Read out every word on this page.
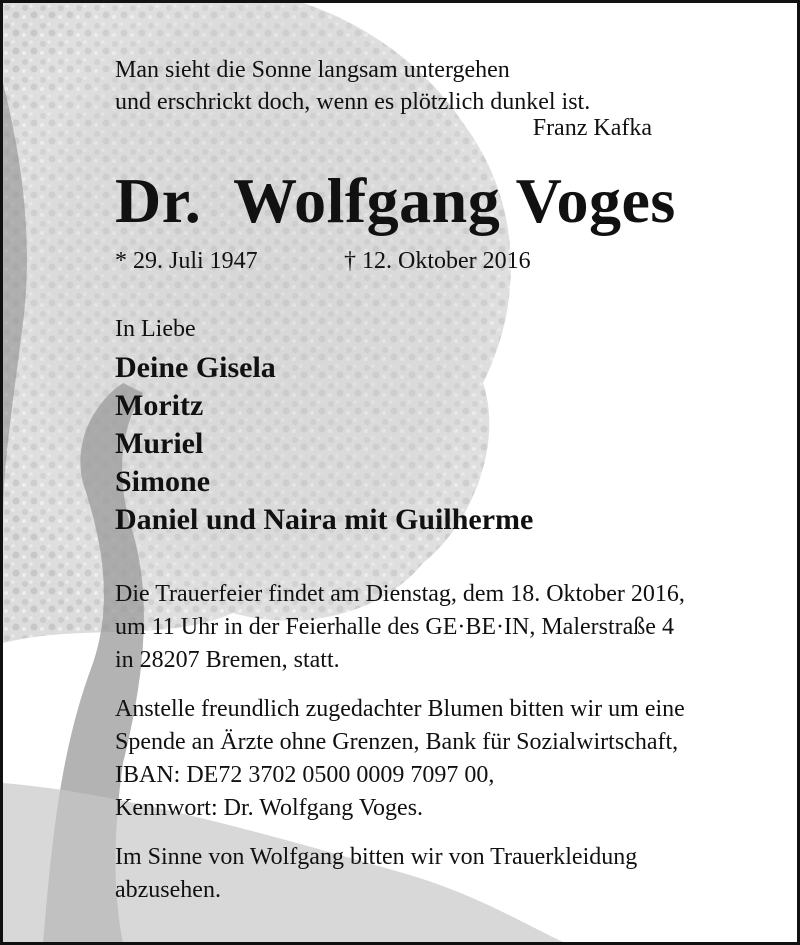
Man sieht die Sonne langsam untergehen
und erschrickt doch, wenn es plötzlich dunkel ist.
Franz Kafka
Dr.  Wolfgang Voges
* 29. Juli 1947	† 12. Oktober 2016
In Liebe
Deine Gisela
Moritz
Muriel
Simone
Daniel und Naira mit Guilherme
Die Trauerfeier findet am Dienstag, dem 18. Oktober 2016,
um 11 Uhr in der Feierhalle des GE·BE·IN, Malerstraße 4
in 28207 Bremen, statt.
Anstelle freundlich zugedachter Blumen bitten wir um eine
Spende an Ärzte ohne Grenzen, Bank für Sozialwirtschaft,
IBAN: DE72 3702 0500 0009 7097 00,
Kennwort: Dr. Wolfgang Voges.
Im Sinne von Wolfgang bitten wir von Trauerkleidung
abzusehen.
